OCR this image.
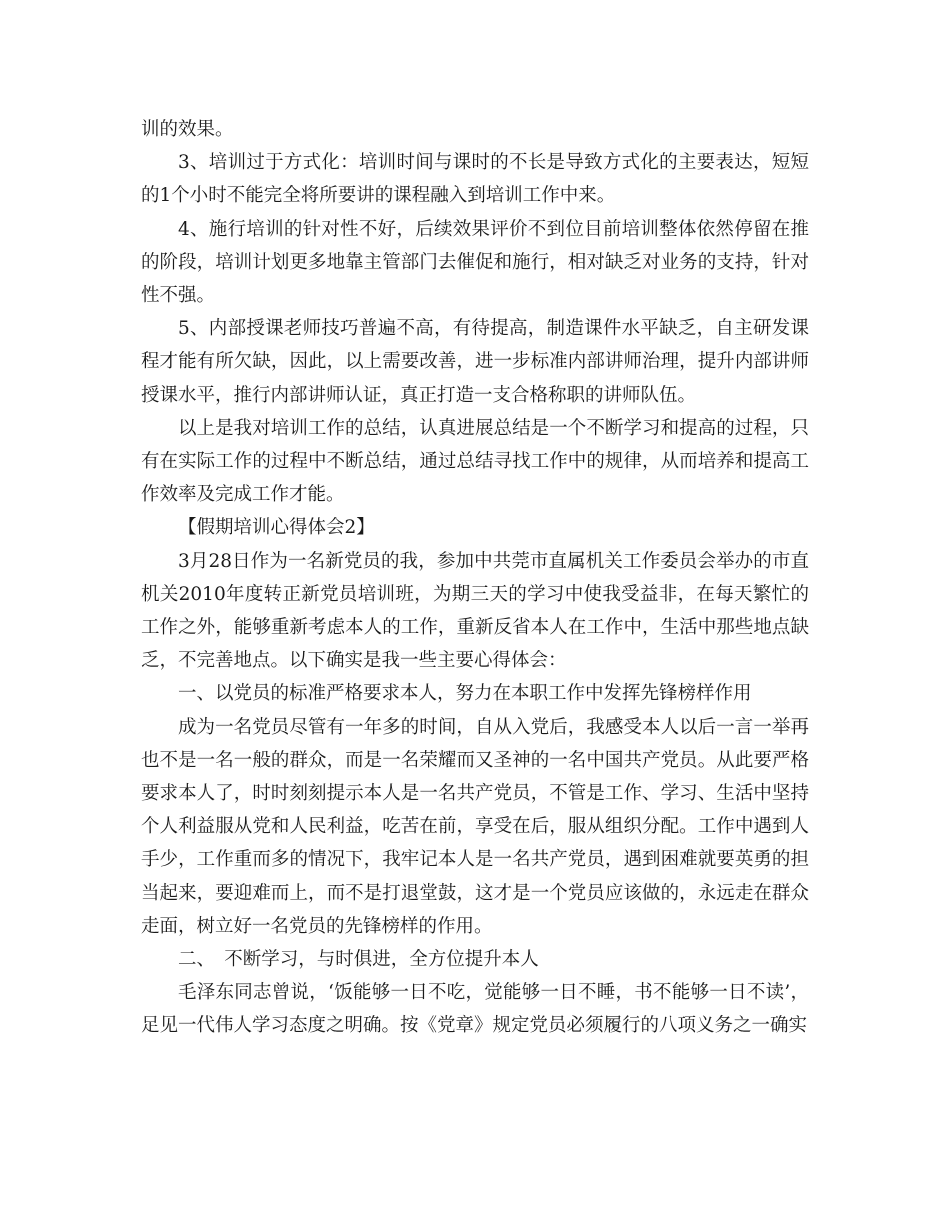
训的效果。

3、培训过于方式化：培训时间与课时的不长是导致方式化的主要表达，短短的1个小时不能完全将所要讲的课程融入到培训工作中来。

4、施行培训的针对性不好，后续效果评价不到位目前培训整体依然停留在推的阶段，培训计划更多地靠主管部门去催促和施行，相对缺乏对业务的支持，针对性不强。

5、内部授课老师技巧普遍不高，有待提高，制造课件水平缺乏，自主研发课程才能有所欠缺，因此，以上需要改善，进一步标准内部讲师治理，提升内部讲师授课水平，推行内部讲师认证，真正打造一支合格称职的讲师队伍。

以上是我对培训工作的总结，认真进展总结是一个不断学习和提高的过程，只有在实际工作的过程中不断总结，通过总结寻找工作中的规律，从而培养和提高工作效率及完成工作才能。

【假期培训心得体会2】

3月28日作为一名新党员的我，参加中共莞市直属机关工作委员会举办的市直机关2010年度转正新党员培训班，为期三天的学习中使我受益非，在每天繁忙的工作之外，能够重新考虑本人的工作，重新反省本人在工作中，生活中那些地点缺乏，不完善地点。以下确实是我一些主要心得体会：

一、以党员的标准严格要求本人，努力在本职工作中发挥先锋榜样作用

成为一名党员尽管有一年多的时间，自从入党后，我感受本人以后一言一举再也不是一名一般的群众，而是一名荣耀而又圣神的一名中国共产党员。从此要严格要求本人了，时时刻刻提示本人是一名共产党员，不管是工作、学习、生活中坚持个人利益服从党和人民利益，吃苦在前，享受在后，服从组织分配。工作中遇到人手少，工作重而多的情况下，我牢记本人是一名共产党员，遇到困难就要英勇的担当起来，要迎难而上，而不是打退堂鼓，这才是一个党员应该做的，永远走在群众走面，树立好一名党员的先锋榜样的作用。

二、　不断学习，与时俱进，全方位提升本人

毛泽东同志曾说，‘饭能够一日不吃，觉能够一日不睡，书不能够一日不读’，足见一代伟人学习态度之明确。按《党章》规定党员必须履行的八项义务之一确实
